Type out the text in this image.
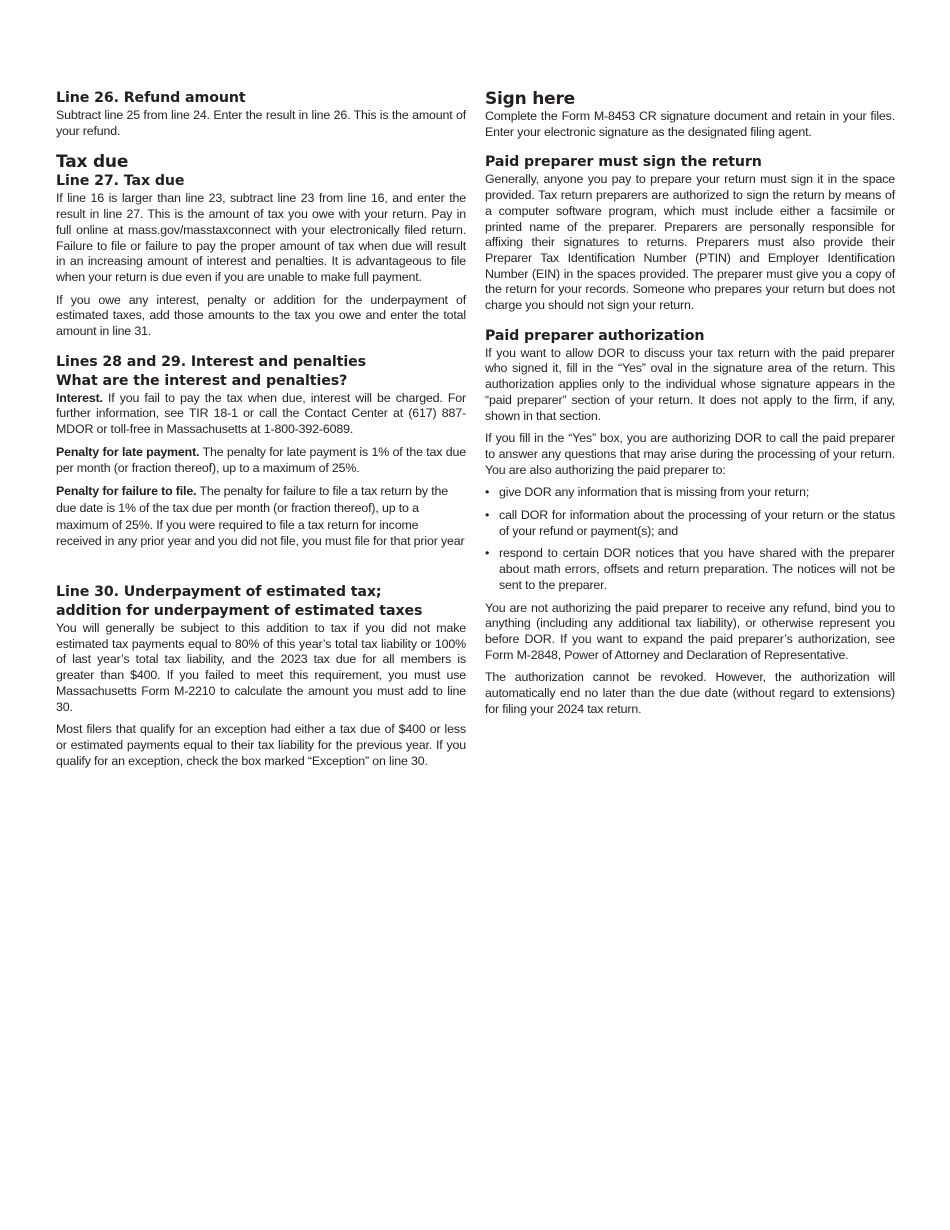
Line 26. Refund amount

Subtract line 25 from line 24. Enter the result in line 26. This is the amount of your refund.

Tax due
Line 27. Tax due

If line 16 is larger than line 23, subtract line 23 from line 16, and enter the result in line 27. This is the amount of tax you owe with your return. Pay in full online at mass.gov/masstaxconnect with your electronically filed return. Failure to file or failure to pay the proper amount of tax when due will result in an increasing amount of interest and penalties. It is advantageous to file when your return is due even if you are unable to make full payment.

If you owe any interest, penalty or addition for the underpayment of estimated taxes, add those amounts to the tax you owe and enter the total amount in line 31.

Lines 28 and 29. Interest and penalties
What are the interest and penalties?

Interest. If you fail to pay the tax when due, interest will be charged. For further information, see TIR 18-1 or call the Contact Center at (617) 887-MDOR or toll-free in Massachusetts at 1-800-392-6089.

Penalty for late payment. The penalty for late payment is 1% of the tax due per month (or fraction thereof), up to a maximum of 25%.

Penalty for failure to file. The penalty for failure to file a tax return by the due date is 1% of the tax due per month (or fraction thereof), up to a maximum of 25%. If you were required to file a tax return for income received in any prior year and you did not file, you must file for that prior year

Line 30. Underpayment of estimated tax;
addition for underpayment of estimated taxes

You will generally be subject to this addition to tax if you did not make estimated tax payments equal to 80% of this year’s total tax liability or 100% of last year’s total tax liability, and the 2023 tax due for all members is greater than $400. If you failed to meet this requirement, you must use Massachusetts Form M-2210 to calculate the amount you must add to line 30.

Most filers that qualify for an exception had either a tax due of $400 or less or estimated payments equal to their tax liability for the previous year. If you qualify for an exception, check the box marked “Exception” on line 30.

Sign here

Complete the Form M-8453 CR signature document and retain in your files. Enter your electronic signature as the designated filing agent.

Paid preparer must sign the return

Generally, anyone you pay to prepare your return must sign it in the space provided. Tax return preparers are authorized to sign the return by means of a computer software program, which must include either a facsimile or printed name of the preparer. Preparers are personally responsible for affixing their signatures to returns. Preparers must also provide their Preparer Tax Identification Number (PTIN) and Employer Identification Number (EIN) in the spaces provided. The preparer must give you a copy of the return for your records. Someone who prepares your return but does not charge you should not sign your return.

Paid preparer authorization

If you want to allow DOR to discuss your tax return with the paid preparer who signed it, fill in the “Yes” oval in the signature area of the return. This authorization applies only to the individual whose signature appears in the “paid preparer” section of your return. It does not apply to the firm, if any, shown in that section.

If you fill in the “Yes” box, you are authorizing DOR to call the paid preparer to answer any questions that may arise during the processing of your return. You are also authorizing the paid preparer to:

• give DOR any information that is missing from your return;

• call DOR for information about the processing of your return or the status of your refund or payment(s); and

• respond to certain DOR notices that you have shared with the preparer about math errors, offsets and return preparation. The notices will not be sent to the preparer.

You are not authorizing the paid preparer to receive any refund, bind you to anything (including any additional tax liability), or otherwise represent you before DOR. If you want to expand the paid preparer’s authorization, see Form M-2848, Power of Attorney and Declaration of Representative.

The authorization cannot be revoked. However, the authorization will automatically end no later than the due date (without regard to extensions) for filing your 2024 tax return.
